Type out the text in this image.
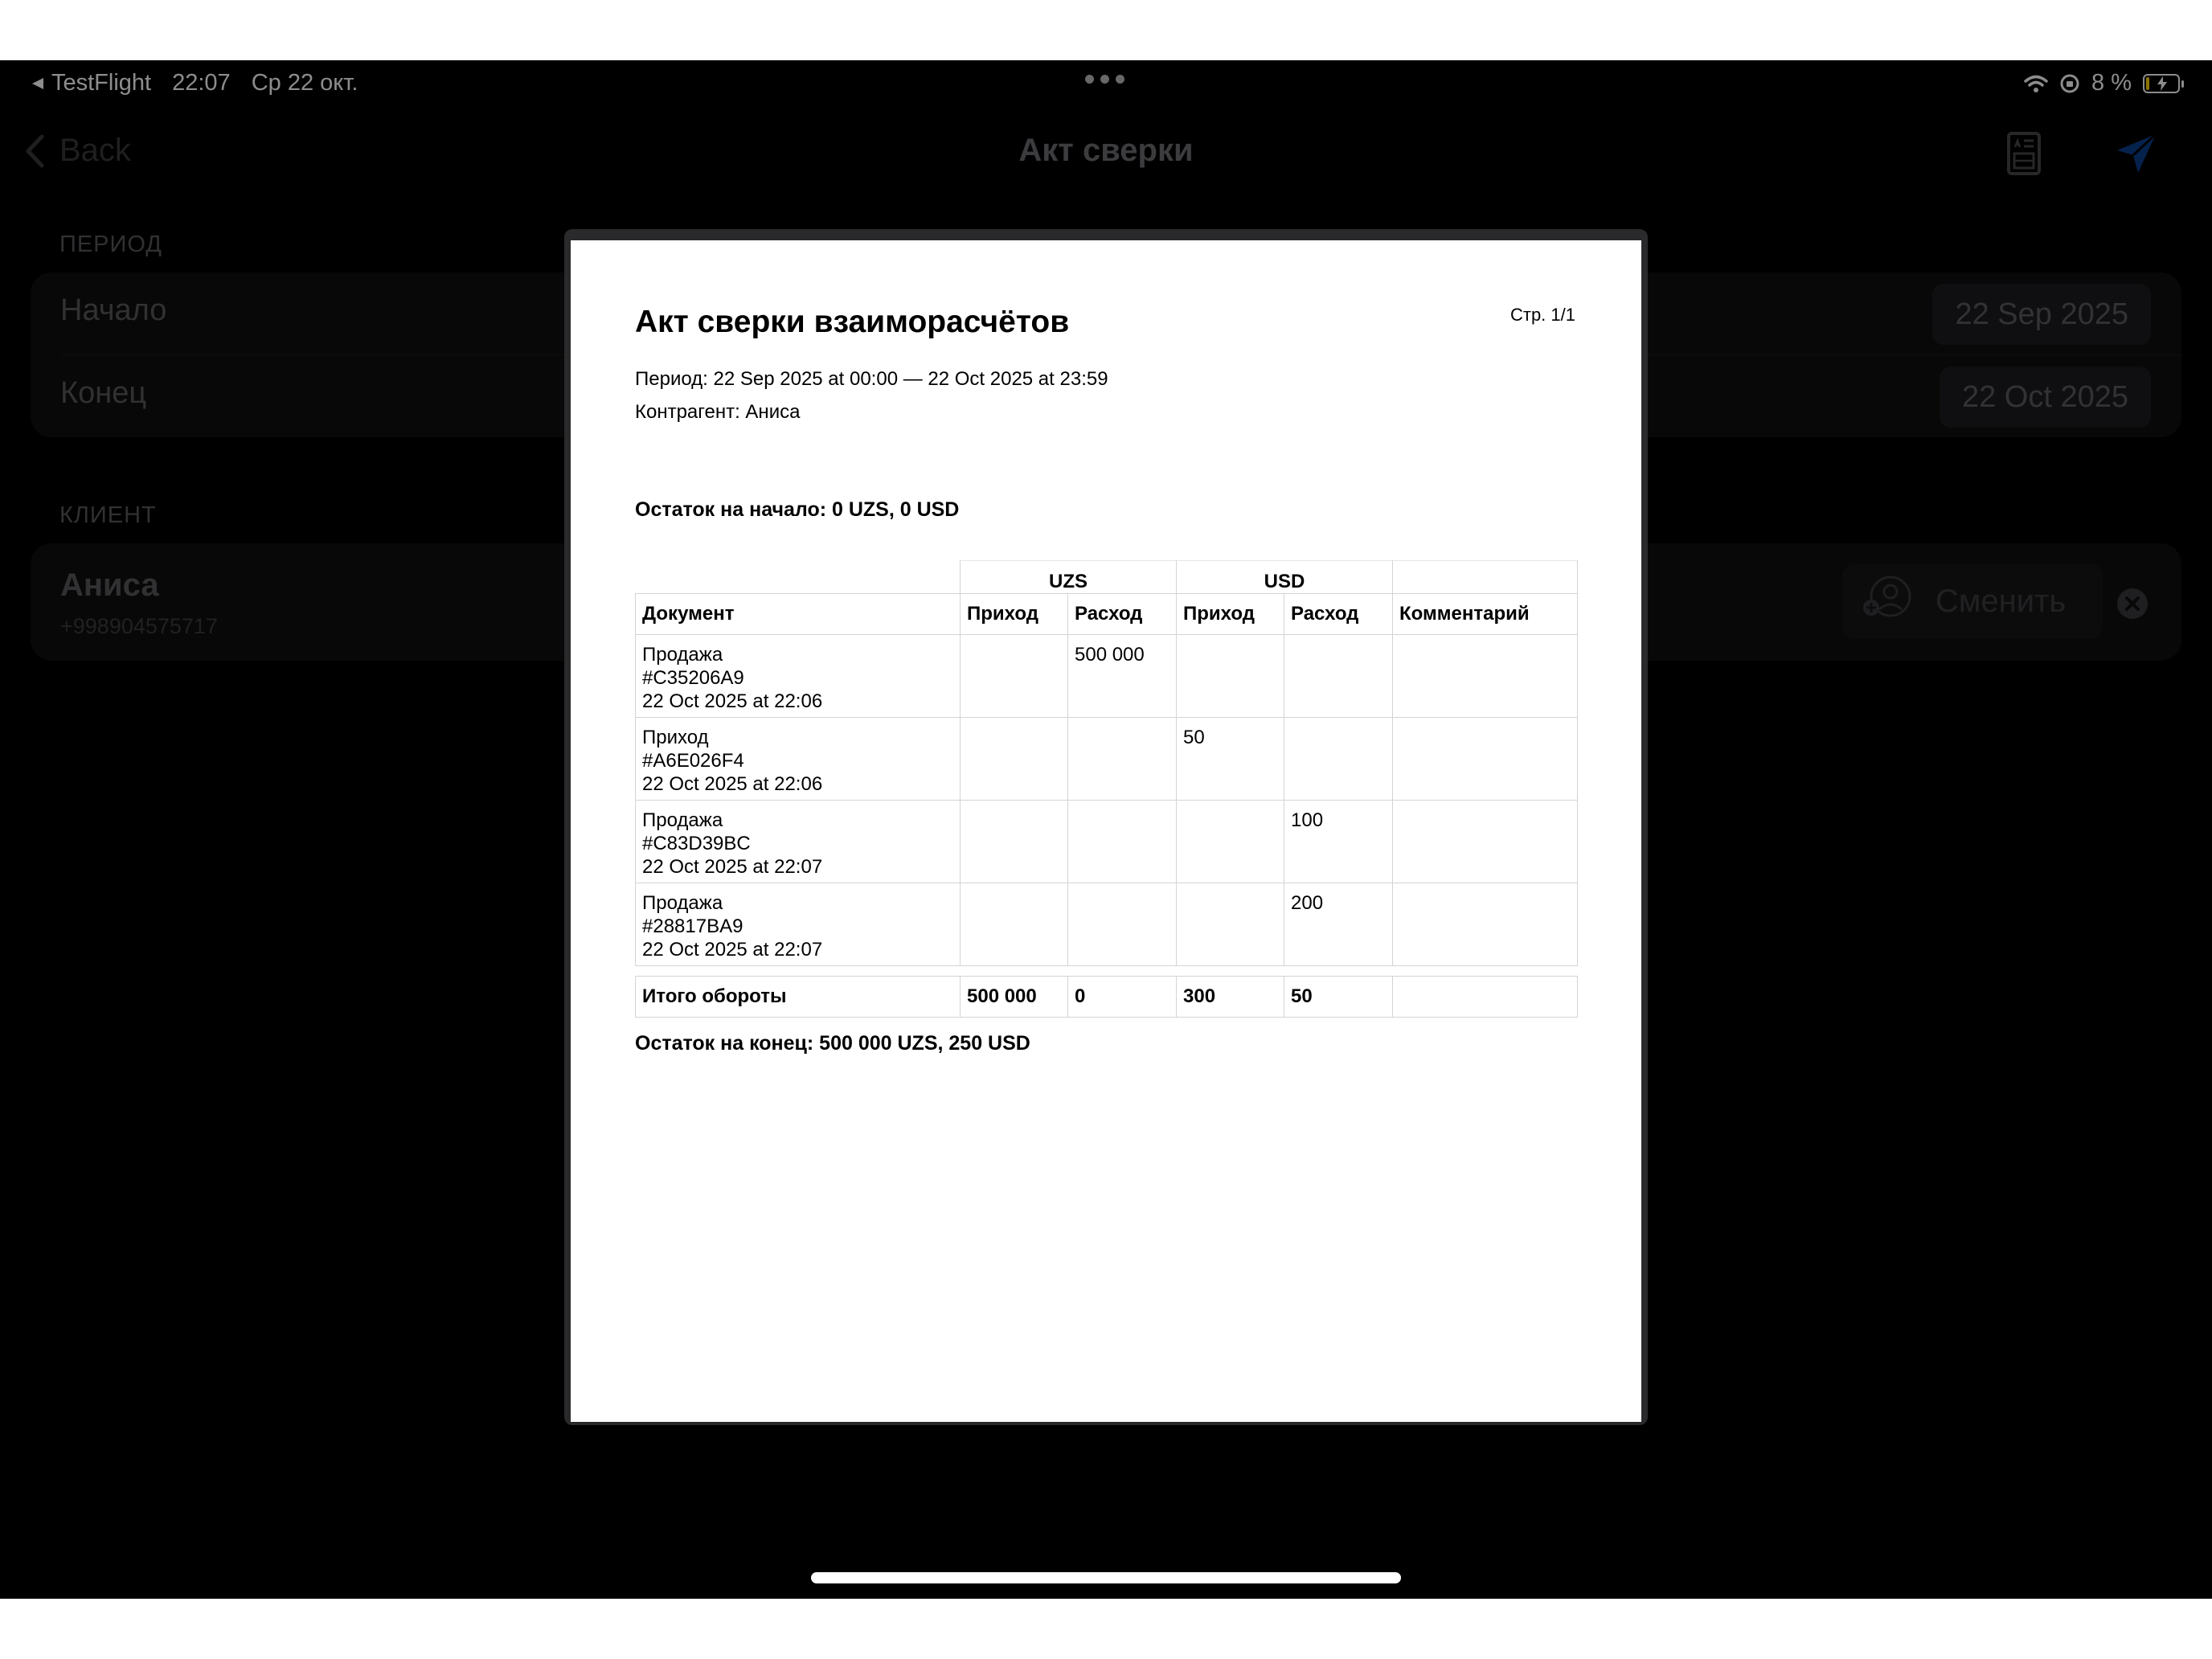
TestFlight 22:07 Ср 22 окт.	8 %
Back	Акт сверки
ПЕРИОД
Начало	22 Sep 2025
Конец	22 Oct 2025
КЛИЕНТ
Аниса
+998904575717
Сменить
Акт сверки взаиморасчётов	Стр. 1/1
Период: 22 Sep 2025 at 00:00 — 22 Oct 2025 at 23:59
Контрагент: Аниса
Остаток на начало: 0 UZS, 0 USD
	UZS		USD		
Документ	Приход	Расход	Приход	Расход	Комментарий

Продажа
#C35206A9
22 Oct 2025 at 22:06		500 000			

Приход
#A6E026F4
22 Oct 2025 at 22:06			50		

Продажа
#C83D39BC
22 Oct 2025 at 22:07				100	

Продажа
#28817BA9
22 Oct 2025 at 22:07				200	

Итого обороты	500 000	0	300	50	
Остаток на конец: 500 000 UZS, 250 USD
